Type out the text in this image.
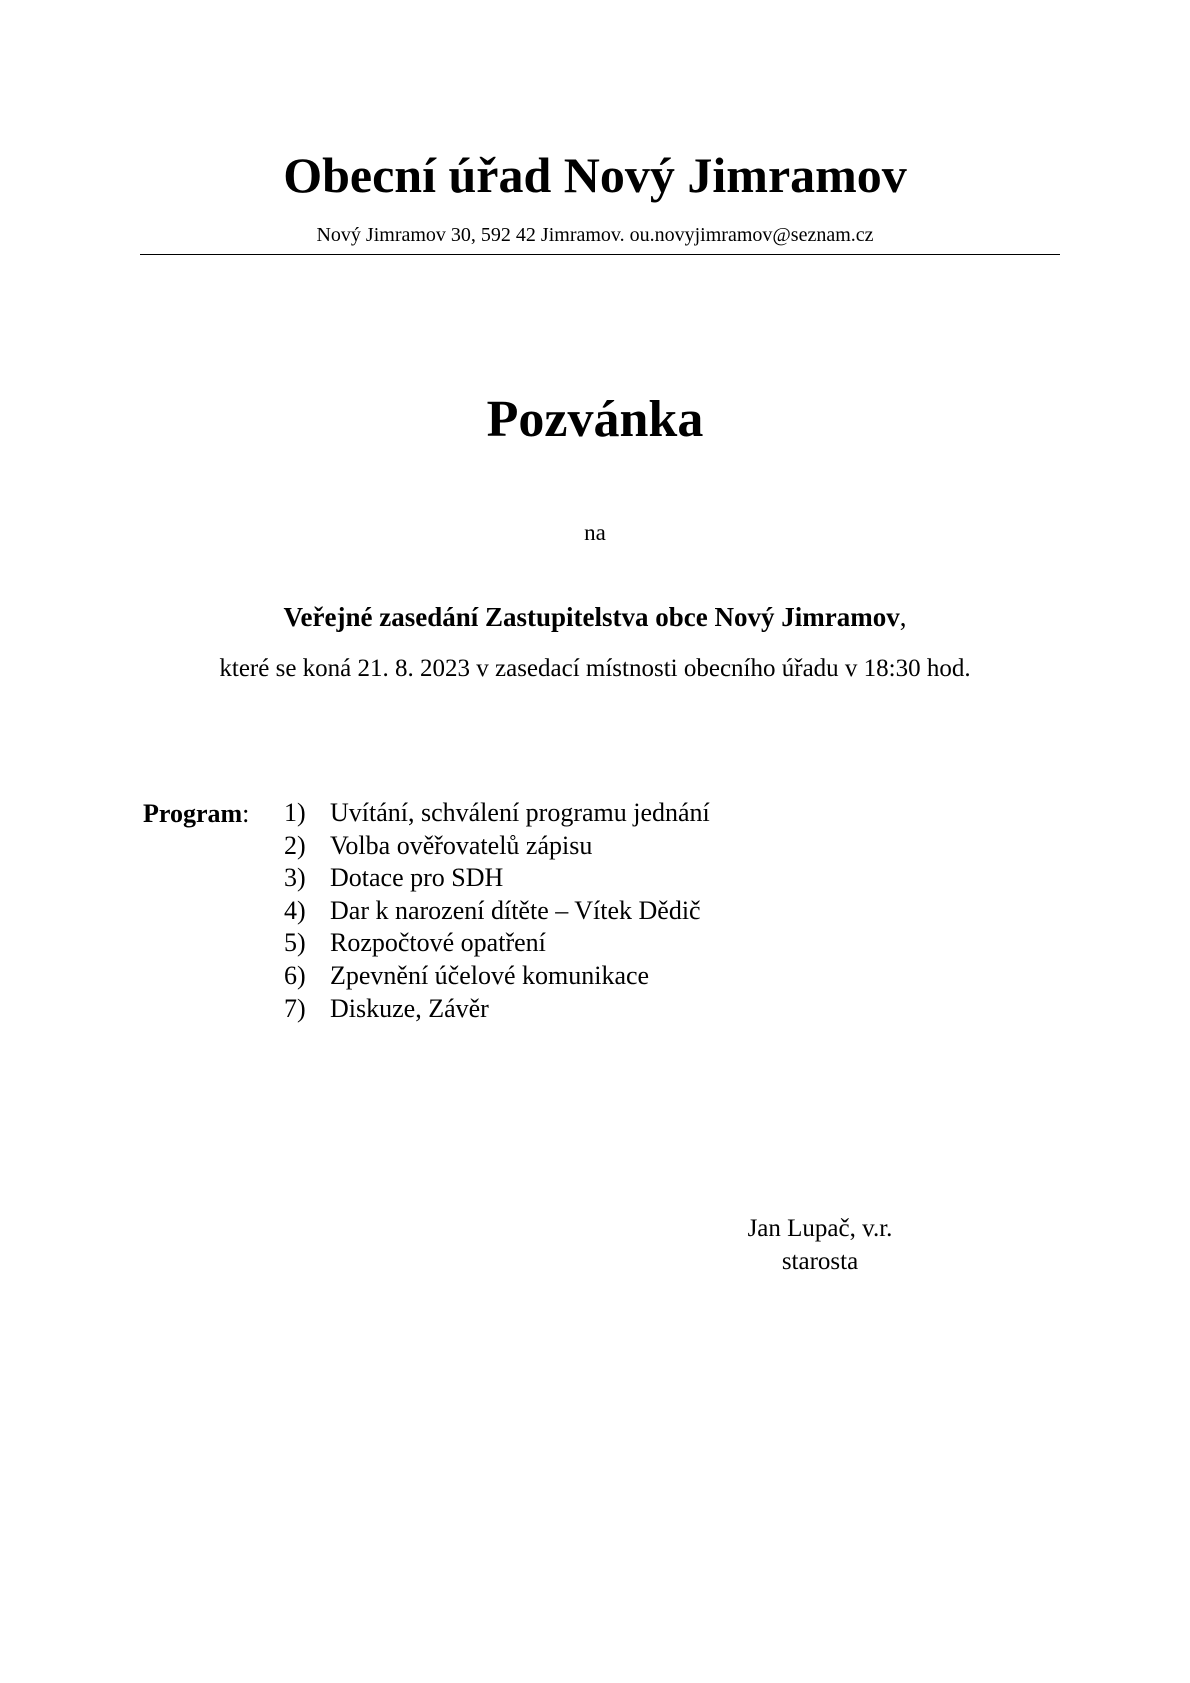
Obecní úřad Nový Jimramov
Nový Jimramov 30, 592 42 Jimramov. ou.novyjimramov@seznam.cz
Pozvánka
na
Veřejné zasedání Zastupitelstva obce Nový Jimramov,
které se koná 21. 8. 2023 v zasedací místnosti obecního úřadu v 18:30 hod.
Program: 1) Uvítání, schválení programu jednání
2) Volba ověřovatelů zápisu
3) Dotace pro SDH
4) Dar k narození dítěte – Vítek Dědič
5) Rozpočtové opatření
6) Zpevnění účelové komunikace
7) Diskuze, Závěr
Jan Lupač, v.r.
starosta
